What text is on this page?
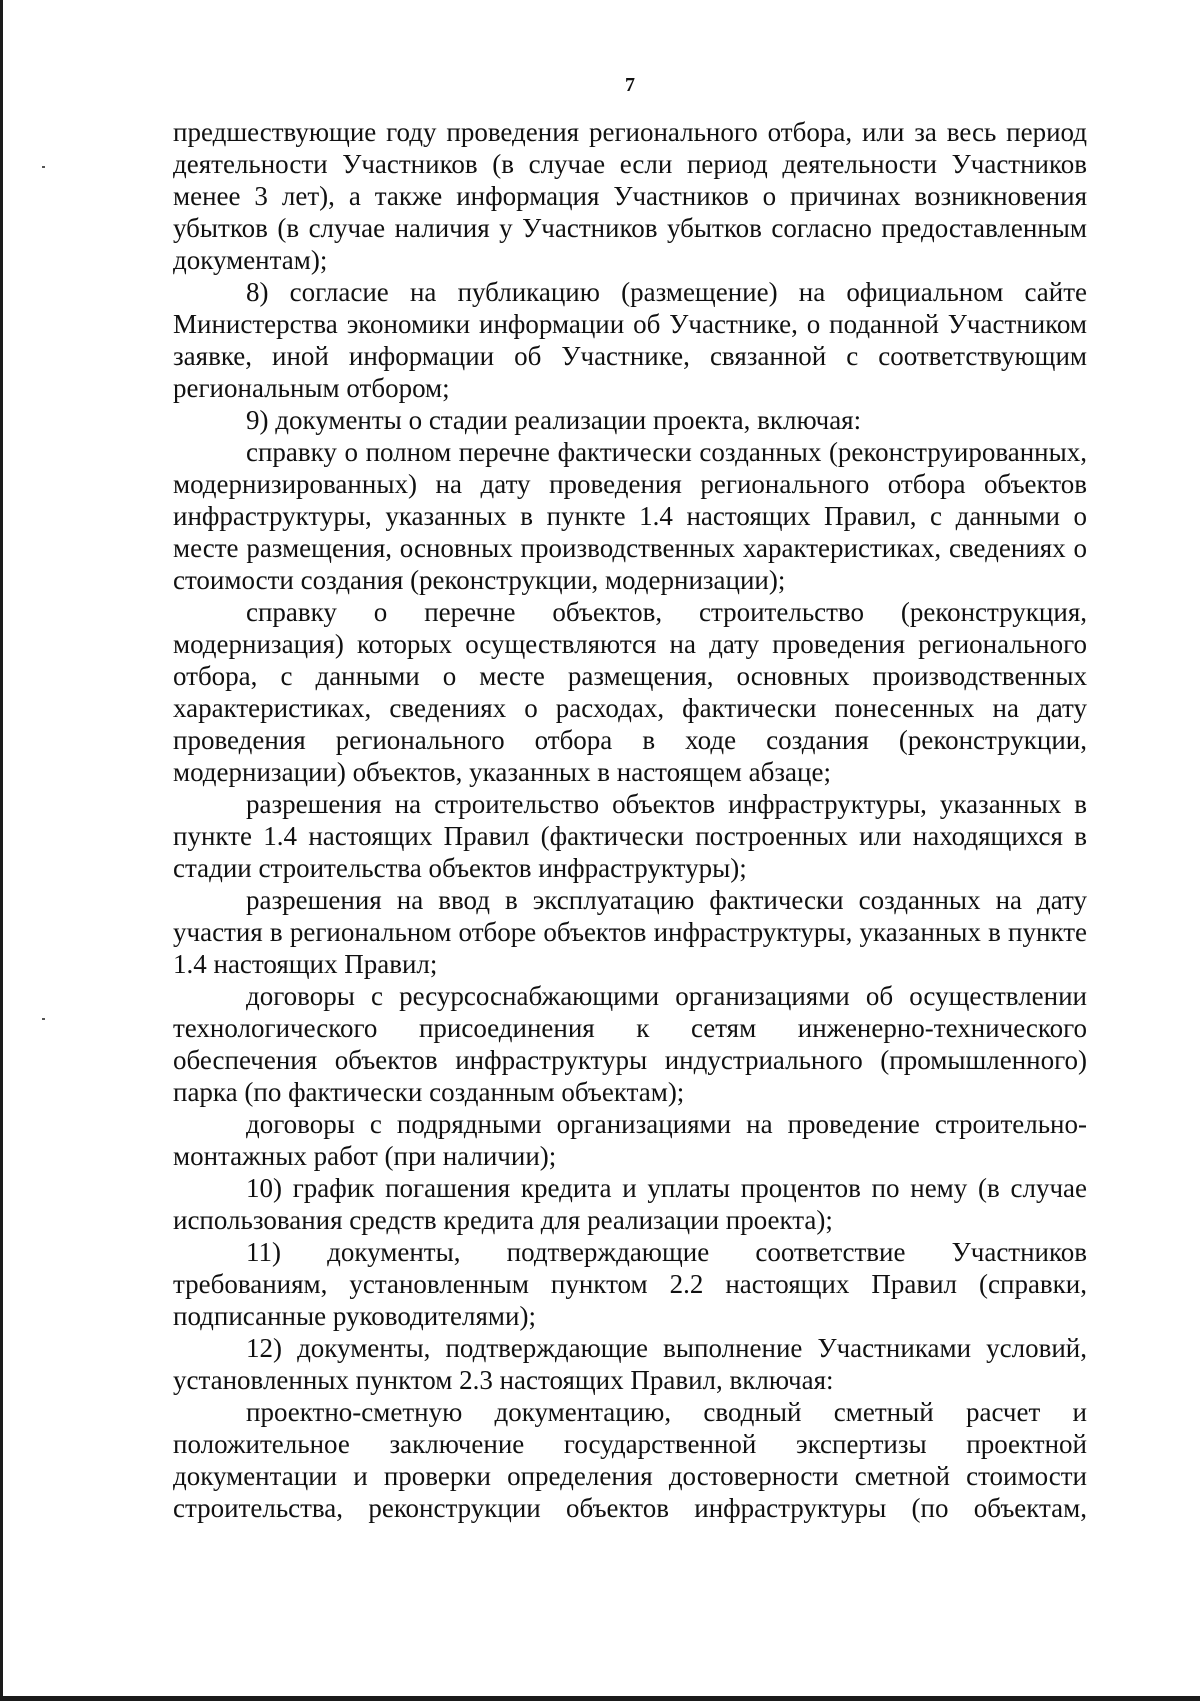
7

предшествующие году проведения регионального отбора, или за весь период деятельности Участников (в случае если период деятельности Участников менее 3 лет), а также информация Участников о причинах возникновения убытков (в случае наличия у Участников убытков согласно предоставленным документам);

8) согласие на публикацию (размещение) на официальном сайте Министерства экономики информации об Участнике, о поданной Участником заявке, иной информации об Участнике, связанной с соответствующим региональным отбором;

9) документы о стадии реализации проекта, включая:

справку о полном перечне фактически созданных (реконструированных, модернизированных) на дату проведения регионального отбора объектов инфраструктуры, указанных в пункте 1.4 настоящих Правил, с данными о месте размещения, основных производственных характеристиках, сведениях о стоимости создания (реконструкции, модернизации);

справку о перечне объектов, строительство (реконструкция, модернизация) которых осуществляются на дату проведения регионального отбора, с данными о месте размещения, основных производственных характеристиках, сведениях о расходах, фактически понесенных на дату проведения регионального отбора в ходе создания (реконструкции, модернизации) объектов, указанных в настоящем абзаце;

разрешения на строительство объектов инфраструктуры, указанных в пункте 1.4 настоящих Правил (фактически построенных или находящихся в стадии строительства объектов инфраструктуры);

разрешения на ввод в эксплуатацию фактически созданных на дату участия в региональном отборе объектов инфраструктуры, указанных в пункте 1.4 настоящих Правил;

договоры с ресурсоснабжающими организациями об осуществлении технологического присоединения к сетям инженерно-технического обеспечения объектов инфраструктуры индустриального (промышленного) парка (по фактически созданным объектам);

договоры с подрядными организациями на проведение строительно-монтажных работ (при наличии);

10) график погашения кредита и уплаты процентов по нему (в случае использования средств кредита для реализации проекта);

11) документы, подтверждающие соответствие Участников требованиям, установленным пунктом 2.2 настоящих Правил (справки, подписанные руководителями);

12) документы, подтверждающие выполнение Участниками условий, установленных пунктом 2.3 настоящих Правил, включая:

проектно-сметную документацию, сводный сметный расчет и положительное заключение государственной экспертизы проектной документации и проверки определения достоверности сметной стоимости строительства, реконструкции объектов инфраструктуры (по объектам,
